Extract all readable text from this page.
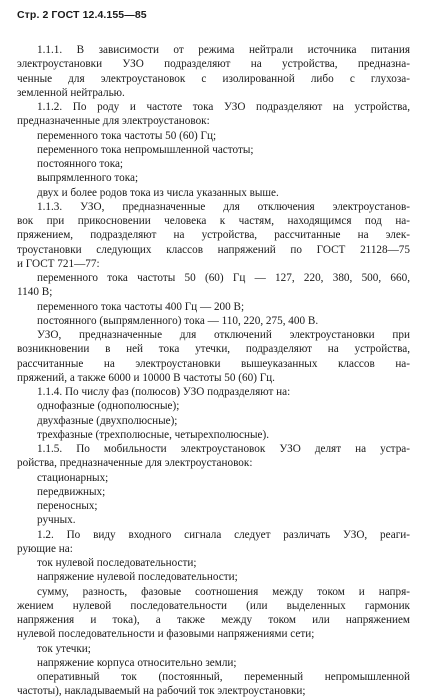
Стр. 2 ГОСТ 12.4.155—85
1.1.1. В зависимости от режима нейтрали источника питания
электроустановки УЗО подразделяют на устройства, предназна-
ченные для электроустановок с изолированной либо с глухоза-
земленной нейтралью.
1.1.2. По роду и частоте тока УЗО подразделяют на устройства,
предназначенные для электроустановок:
переменного тока частоты 50 (60) Гц;
переменного тока непромышленной частоты;
постоянного тока;
выпрямленного тока;
двух и более родов тока из числа указанных выше.
1.1.3. УЗО, предназначенные для отключения электроустанов-
вок при прикосновении человека к частям, находящимся под на-
пряжением, подразделяют на устройства, рассчитанные на элек-
троустановки следующих классов напряжений по ГОСТ 21128—75
и ГОСТ 721—77:
переменного тока частоты 50 (60) Гц — 127, 220, 380, 500, 660,
1140 В;
переменного тока частоты 400 Гц — 200 В;
постоянного (выпрямленного) тока — 110, 220, 275, 400 В.
УЗО, предназначенные для отключений электроустановки при
возникновении в ней тока утечки, подразделяют на устройства,
рассчитанные на электроустановки вышеуказанных классов на-
пряжений, а также 6000 и 10000 В частоты 50 (60) Гц.
1.1.4. По числу фаз (полюсов) УЗО подразделяют на:
однофазные (однополюсные);
двухфазные (двухполюсные);
трехфазные (трехполюсные, четырехполюсные).
1.1.5. По мобильности электроустановок УЗО делят на устра-
ройства, предназначенные для электроустановок:
стационарных;
передвижных;
переносных;
ручных.
1.2. По виду входного сигнала следует различать УЗО, реаги-
рующие на:
ток нулевой последовательности;
напряжение нулевой последовательности;
сумму, разность, фазовые соотношения между током и напря-
жением нулевой последовательности (или выделенных гармоник
напряжения и тока), а также между током или напряжением
нулевой последовательности и фазовыми напряжениями сети;
ток утечки;
напряжение корпуса относительно земли;
оперативный ток (постоянный, переменный непромышленной
частоты), накладываемый на рабочий ток электроустановки;
